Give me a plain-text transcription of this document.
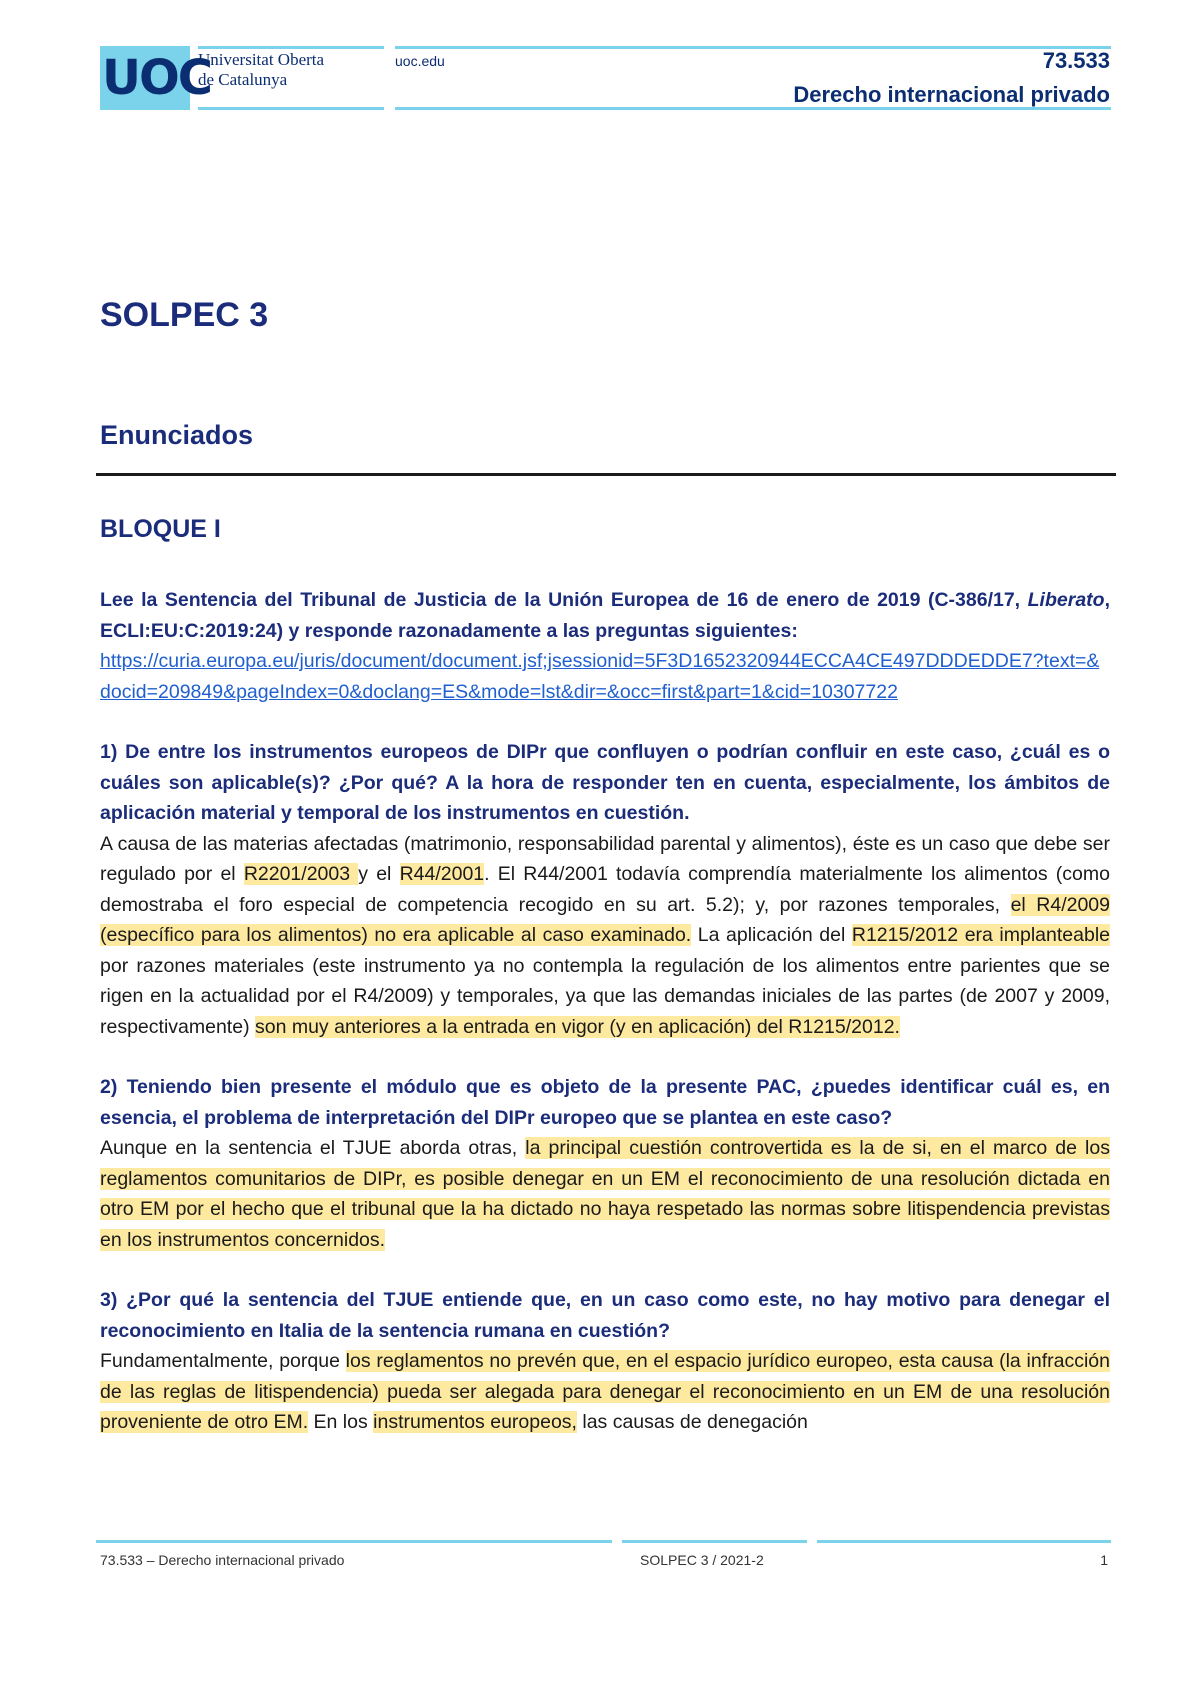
UOC
Universitat Oberta
de Catalunya
uoc.edu	73.533
Derecho internacional privado
SOLPEC 3
Enunciados
BLOQUE I

Lee la Sentencia del Tribunal de Justicia de la Unión Europea de 16 de enero de 2019 (C-386/17, Liberato, ECLI:EU:C:2019:24) y responde razonadamente a las preguntas siguientes:
https://curia.europa.eu/juris/document/document.jsf;jsessionid=5F3D1652320944ECCA4CE497DDDEDDE7?text=&docid=209849&pageIndex=0&doclang=ES&mode=lst&dir=&occ=first&part=1&cid=10307722

1) De entre los instrumentos europeos de DIPr que confluyen o podrían confluir en este caso, ¿cuál es o cuáles son aplicable(s)? ¿Por qué? A la hora de responder ten en cuenta, especialmente, los ámbitos de aplicación material y temporal de los instrumentos en cuestión.
A causa de las materias afectadas (matrimonio, responsabilidad parental y alimentos), éste es un caso que debe ser regulado por el R2201/2003 y el R44/2001. El R44/2001 todavía comprendía materialmente los alimentos (como demostraba el foro especial de competencia recogido en su art. 5.2); y, por razones temporales, el R4/2009 (específico para los alimentos) no era aplicable al caso examinado. La aplicación del R1215/2012 era implanteable por razones materiales (este instrumento ya no contempla la regulación de los alimentos entre parientes que se rigen en la actualidad por el R4/2009) y temporales, ya que las demandas iniciales de las partes (de 2007 y 2009, respectivamente) son muy anteriores a la entrada en vigor (y en aplicación) del R1215/2012.

2) Teniendo bien presente el módulo que es objeto de la presente PAC, ¿puedes identificar cuál es, en esencia, el problema de interpretación del DIPr europeo que se plantea en este caso?
Aunque en la sentencia el TJUE aborda otras, la principal cuestión controvertida es la de si, en el marco de los reglamentos comunitarios de DIPr, es posible denegar en un EM el reconocimiento de una resolución dictada en otro EM por el hecho que el tribunal que la ha dictado no haya respetado las normas sobre litispendencia previstas en los instrumentos concernidos.

3) ¿Por qué la sentencia del TJUE entiende que, en un caso como este, no hay motivo para denegar el reconocimiento en Italia de la sentencia rumana en cuestión?
Fundamentalmente, porque los reglamentos no prevén que, en el espacio jurídico europeo, esta causa (la infracción de las reglas de litispendencia) pueda ser alegada para denegar el reconocimiento en un EM de una resolución proveniente de otro EM. En los instrumentos europeos, las causas de denegación

73.533 – Derecho internacional privado	SOLPEC 3 / 2021-2	1
